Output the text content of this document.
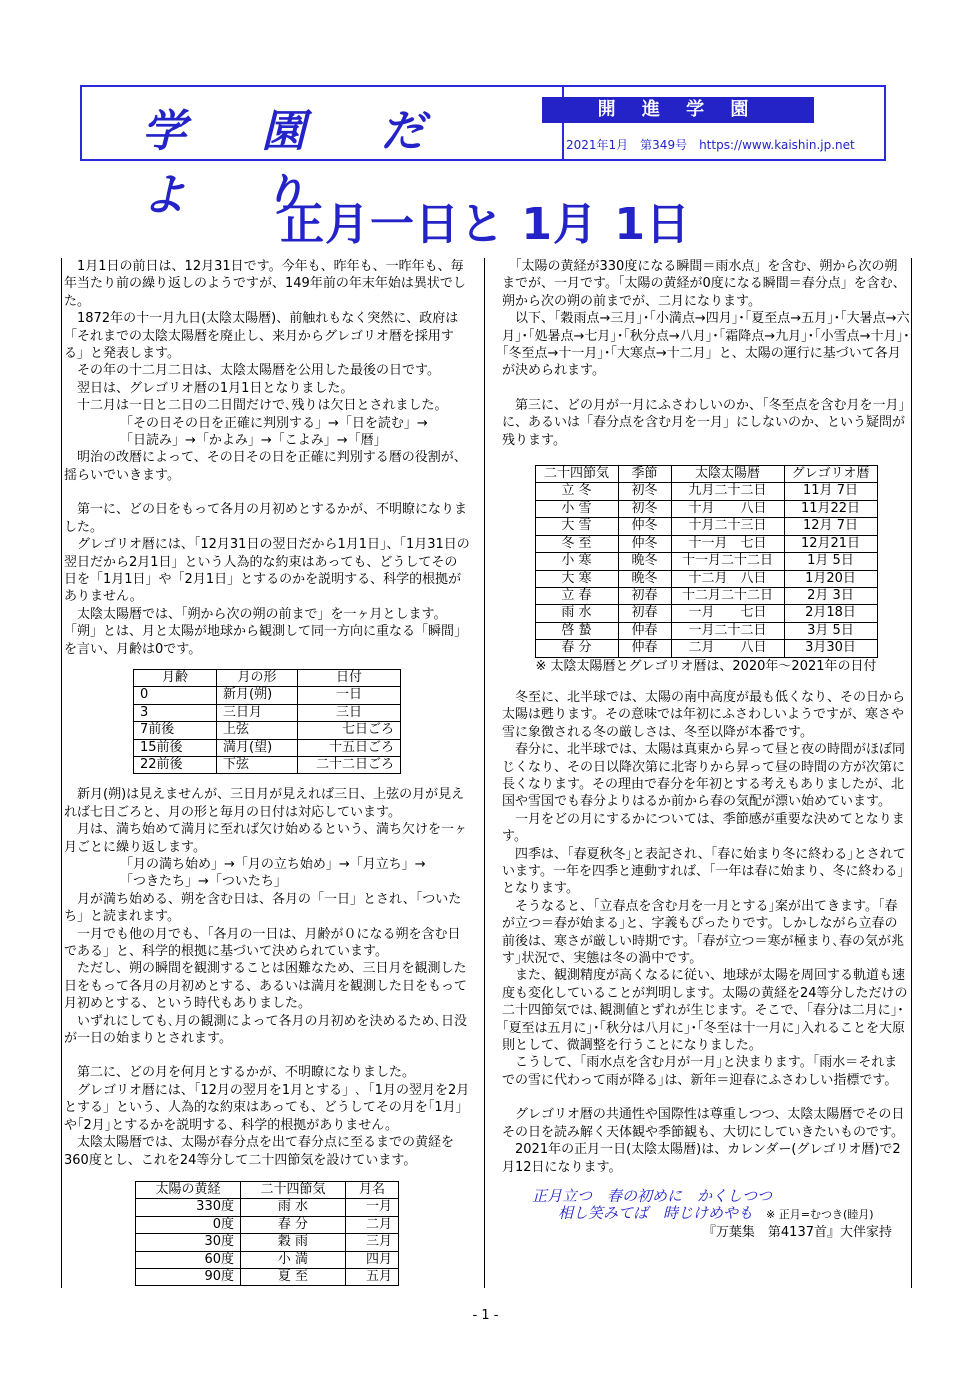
学 園 だ よ り
開 進 学 園
2021年1月　第349号　https://www.kaishin.jp.net
正月一日と 1月 1日

　1月1日の前日は、12月31日です。今年も、昨年も、一昨年も、毎年当たり前の繰り返しのようですが、149年前の年末年始は異状でした。

　1872年の十一月九日(太陰太陽暦)、前触れもなく突然に、政府は「それまでの太陰太陽暦を廃止し、来月からグレゴリオ暦を採用する」と発表します。

　その年の十二月二日は、太陰太陽暦を公用した最後の日です。

　翌日は、グレゴリオ暦の1月1日となりました。

　十二月は一日と二日の二日間だけで､残りは欠日とされました。

「その日その日を正確に判別する」→「日を読む」→

「日読み」→「かよみ」→「こよみ」→「暦」

　明治の改暦によって、その日その日を正確に判別する暦の役割が、揺らいでいきます。

　第一に、どの日をもって各月の月初めとするかが、不明瞭になりました。

　グレゴリオ暦には、「12月31日の翌日だから1月1日」、「1月31日の翌日だから2月1日」という人為的な約束はあっても、どうしてその日を「1月1日」や「2月1日」とするのかを説明する、科学的根拠がありません。

　太陰太陽暦では、「朔から次の朔の前まで」を一ヶ月とします。「朔」とは、月と太陽が地球から観測して同一方向に重なる「瞬間」を言い、月齢は0です。

月齢	月の形	日付
0	新月(朔)	一日
3	三日月	三日
7前後	上弦	七日ごろ
15前後	満月(望)	十五日ごろ
22前後	下弦	二十二日ごろ

　新月(朔)は見えませんが、三日月が見えれば三日、上弦の月が見えれば七日ごろと、月の形と毎月の日付は対応しています。

　月は、満ち始めて満月に至れば欠け始めるという、満ち欠けを一ヶ月ごとに繰り返します。

「月の満ち始め」→「月の立ち始め」→「月立ち」→

「つきたち」→「ついたち」

　月が満ち始める、朔を含む日は、各月の「一日」とされ、「ついたち」と読まれます。

　一月でも他の月でも、「各月の一日は、月齢が０になる朔を含む日である」と、科学的根拠に基づいて決められています。

　ただし、朔の瞬間を観測することは困難なため、三日月を観測した日をもって各月の月初めとする、あるいは満月を観測した日をもって月初めとする、という時代もありました。

　いずれにしても､月の観測によって各月の月初めを決めるため､日没が一日の始まりとされます。

　第二に、どの月を何月とするかが、不明瞭になりました。

　グレゴリオ暦には、「12月の翌月を1月とする」､「1月の翌月を2月とする」という、人為的な約束はあっても、どうしてその月を｢1月｣や｢2月｣とするかを説明する、科学的根拠がありません。

　太陰太陽暦では、太陽が春分点を出て春分点に至るまでの黄経を360度とし、これを24等分して二十四節気を設けています。

太陽の黄経	二十四節気	月名
330度	雨 水	一月
0度	春 分	二月
30度	穀 雨	三月
60度	小 満	四月
90度	夏 至	五月

　「太陽の黄経が330度になる瞬間＝雨水点」を含む、朔から次の朔までが、一月です。「太陽の黄経が0度になる瞬間＝春分点」を含む、朔から次の朔の前までが、二月になります。

　以下、「穀雨点→三月｣･｢小満点→四月｣･｢夏至点→五月｣･｢大暑点→六月｣･｢処暑点→七月｣･｢秋分点→八月｣･｢霜降点→九月｣･｢小雪点→十月｣･｢冬至点→十一月｣･｢大寒点→十二月」と、太陽の運行に基づいて各月が決められます。

　第三に、どの月が一月にふさわしいのか、「冬至点を含む月を一月」に、あるいは「春分点を含む月を一月」にしないのか、という疑問が残ります。

二十四節気	季節	太陰太陽暦	グレゴリオ暦
立 冬	初冬	九月二十二日	11月 7日
小 雪	初冬	十月　　八日	11月22日
大 雪	仲冬	十月二十三日	12月 7日
冬 至	仲冬	十一月　七日	12月21日
小 寒	晩冬	十一月二十二日	1月 5日
大 寒	晩冬	十二月　八日	1月20日
立 春	初春	十二月二十二日	2月 3日
雨 水	初春	一月　　七日	2月18日
啓 蟄	仲春	一月二十二日	3月 5日
春 分	仲春	二月　　八日	3月30日

※ 太陰太陽暦とグレゴリオ暦は、2020年～2021年の日付

　冬至に、北半球では、太陽の南中高度が最も低くなり、その日から太陽は甦ります。その意味では年初にふさわしいようですが、寒さや雪に象徴される冬の厳しさは、冬至以降が本番です。

　春分に、北半球では、太陽は真東から昇って昼と夜の時間がほぼ同じくなり、その日以降次第に北寄りから昇って昼の時間の方が次第に長くなります。その理由で春分を年初とする考えもありましたが、北国や雪国でも春分よりはるか前から春の気配が漂い始めています。

　一月をどの月にするかについては、季節感が重要な決めてとなります。

　四季は、｢春夏秋冬｣と表記され、｢春に始まり冬に終わる｣とされています。一年を四季と連動すれば、｢一年は春に始まり、冬に終わる｣となります。

　そうなると、｢立春点を含む月を一月とする｣案が出てきます。｢春が立つ＝春が始まる｣と、字義もぴったりです。しかしながら立春の前後は、寒さが厳しい時期です。｢春が立つ＝寒が極まり､春の気が兆す｣状況で、実態は冬の渦中です。

　また、観測精度が高くなるに従い、地球が太陽を周回する軌道も速度も変化していることが判明します。太陽の黄経を24等分しただけの二十四節気では､観測値とずれが生じます。そこで、｢春分は二月に｣･｢夏至は五月に｣･｢秋分は八月に｣･｢冬至は十一月に｣入れることを大原則として、微調整を行うことになりました。

　こうして、｢雨水点を含む月が一月｣と決まります。｢雨水＝それまでの雪に代わって雨が降る｣は、新年＝迎春にふさわしい指標です。

　グレゴリオ暦の共通性や国際性は尊重しつつ、太陰太陽暦でその日その日を読み解く天体観や季節観も、大切にしていきたいものです。

　2021年の正月一日(太陰太陽暦)は、カレンダー(グレゴリオ暦)で2月12日になります。

正月立つ　春の初めに　かくしつつ

相し笑みてば　時じけめやも　 ※ 正月=むつき(睦月)

『万葉集　第4137首』大伴家持

- 1 -
